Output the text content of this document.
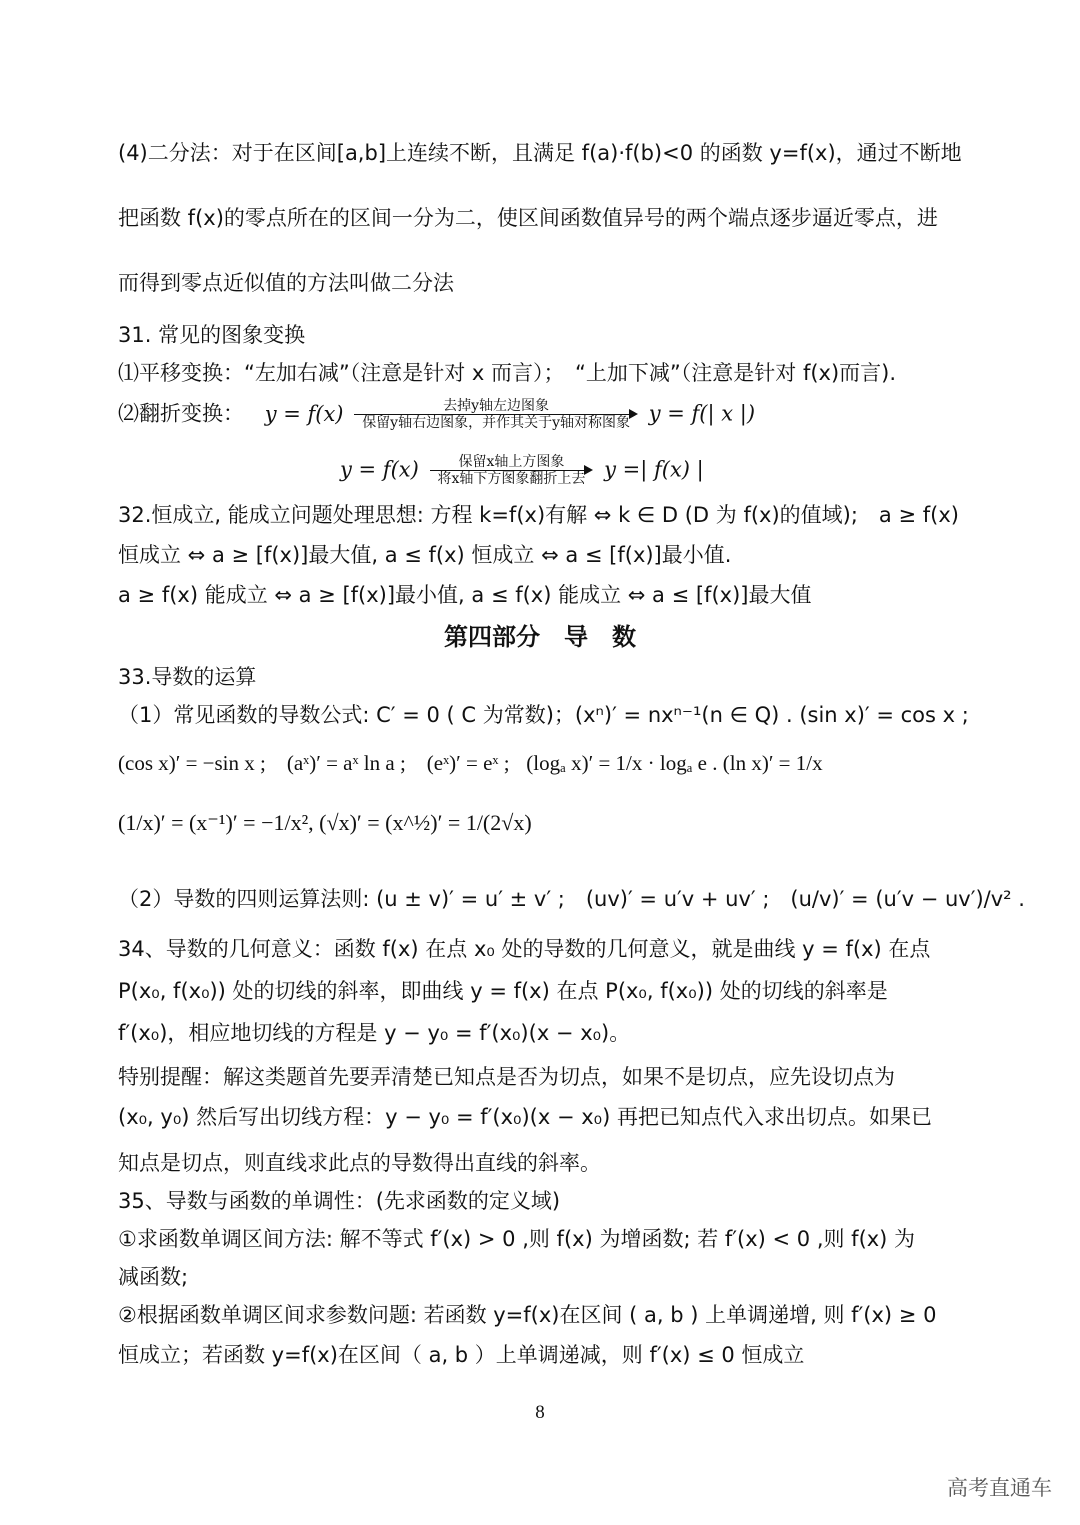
(4)二分法：对于在区间[a,b]上连续不断，且满足 f(a)·f(b)<0 的函数 y=f(x)，通过不断地
把函数 f(x)的零点所在的区间一分为二，使区间函数值异号的两个端点逐步逼近零点，进
而得到零点近似值的方法叫做二分法
31. 常见的图象变换
⑴平移变换：“左加右减”（注意是针对 x 而言）；　“上加下减”（注意是针对 f(x)而言).
⑵翻折变换： y = f(x)	去掉y轴左边图象
保留y轴右边图象，并作其关于y轴对称图象 y = f(| x |)
y = f(x)	保留x轴上方图象
将x轴下方图象翻折上去 y =| f(x) |
32.恒成立, 能成立问题处理思想: 方程 k=f(x)有解 ⇔ k ∈ D (D 为 f(x)的值域);　a ≥ f(x)
恒成立 ⇔ a ≥ [f(x)]最大值, a ≤ f(x) 恒成立 ⇔ a ≤ [f(x)]最小值.
a ≥ f(x) 能成立 ⇔ a ≥ [f(x)]最小值, a ≤ f(x) 能成立 ⇔ a ≤ [f(x)]最大值
第四部分　导　数
33.导数的运算
（1）常见函数的导数公式: C′ = 0 ( C 为常数)；(xⁿ)′ = nxⁿ⁻¹(n ∈ Q) . (sin x)′ = cos x ;
(cos x)′ = −sin x ;　(aˣ)′ = aˣ ln a ;　(eˣ)′ = eˣ ; (logₐ x)′ = 1/x · logₐ e . (ln x)′ = 1/x
(1/x)′ = (x⁻¹)′ = −1/x², (√x)′ = (x^½)′ = 1/(2√x)
（2）导数的四则运算法则: (u ± v)′ = u′ ± v′ ;　(uv)′ = u′v + uv′ ;　(u/v)′ = (u′v − uv′)/v² .
34、导数的几何意义：函数 f(x) 在点 x₀ 处的导数的几何意义，就是曲线 y = f(x) 在点
P(x₀, f(x₀)) 处的切线的斜率，即曲线 y = f(x) 在点 P(x₀, f(x₀)) 处的切线的斜率是
f′(x₀)，相应地切线的方程是 y − y₀ = f′(x₀)(x − x₀)。
特别提醒：解这类题首先要弄清楚已知点是否为切点，如果不是切点，应先设切点为
(x₀, y₀) 然后写出切线方程：y − y₀ = f′(x₀)(x − x₀) 再把已知点代入求出切点。如果已
知点是切点，则直线求此点的导数得出直线的斜率。
35、导数与函数的单调性：(先求函数的定义域)
①求函数单调区间方法: 解不等式 f′(x) > 0 ,则 f(x) 为增函数; 若 f′(x) < 0 ,则 f(x) 为
减函数;
②根据函数单调区间求参数问题: 若函数 y=f(x)在区间 ( a, b ) 上单调递增, 则 f′(x) ≥ 0
恒成立；若函数 y=f(x)在区间（ a, b ）上单调递减，则 f′(x) ≤ 0 恒成立
8
高考直通车
